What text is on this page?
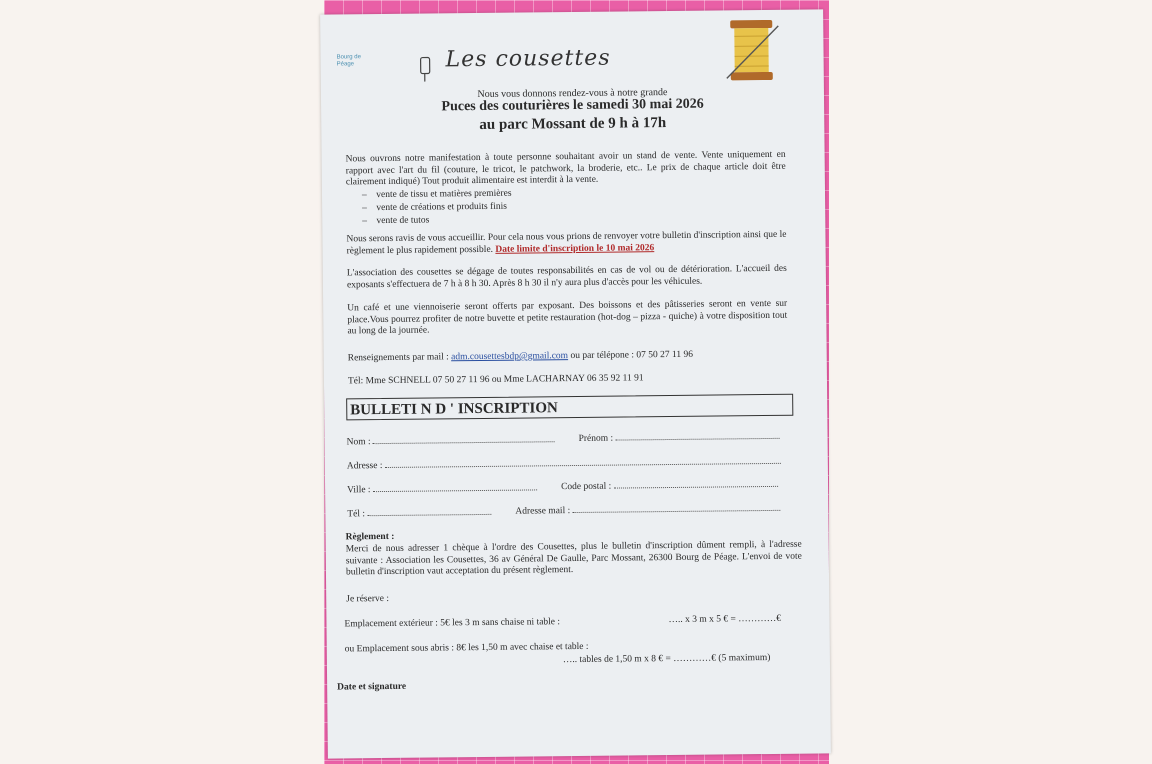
Bourg de Péage	Les cousettes
Nous vous donnons rendez-vous à notre grande
Puces des couturières le samedi 30 mai 2026
au parc Mossant de 9 h à 17h
Nous ouvrons notre manifestation à toute personne souhaitant avoir un stand de vente. Vente uniquement en rapport avec l'art du fil (couture, le tricot, le patchwork, la broderie, etc.. Le prix de chaque article doit être clairement indiqué) Tout produit alimentaire est interdit à la vente.
–    vente de tissu et matières premières
–    vente de créations et produits finis
–    vente de tutos
Nous serons ravis de vous accueillir. Pour cela nous vous prions de renvoyer votre bulletin d'inscription ainsi que le règlement le plus rapidement possible. Date limite d'inscription le 10 mai 2026
L'association des cousettes se dégage de toutes responsabilités en cas de vol ou de détérioration. L'accueil des exposants s'effectuera de 7 h à 8 h 30. Après 8 h 30 il n'y aura plus d'accès pour les véhicules.
Un café et une viennoiserie seront offerts par exposant. Des boissons et des pâtisseries seront en vente sur place.Vous pourrez profiter de notre buvette et petite restauration (hot-dog – pizza - quiche) à votre disposition tout au long de la journée.
Renseignements par mail : adm.cousettesbdp@gmail.com ou par télépone : 07 50 27 11 96
Tél: Mme SCHNELL 07 50 27 11 96 ou Mme LACHARNAY 06 35 92 11 91
BULLETI N D ' INSCRIPTION
Nom :	Prénom :
Adresse :
Ville :	Code postal :
Tél :	Adresse mail :
Règlement :
Merci de nous adresser 1 chèque à l'ordre des Cousettes, plus le bulletin d'inscription dûment rempli, à l'adresse suivante : Association les Cousettes, 36 av Général De Gaulle, Parc Mossant, 26300 Bourg de Péage. L'envoi de vote bulletin d'inscription vaut acceptation du présent règlement.
Je réserve :
Emplacement extérieur : 5€ les 3 m sans chaise ni table :	….. x 3 m x 5 € = …………€
ou Emplacement sous abris : 8€ les 1,50 m avec chaise et table :
….. tables de 1,50 m x 8 € = …………€ (5 maximum)
Date et signature
